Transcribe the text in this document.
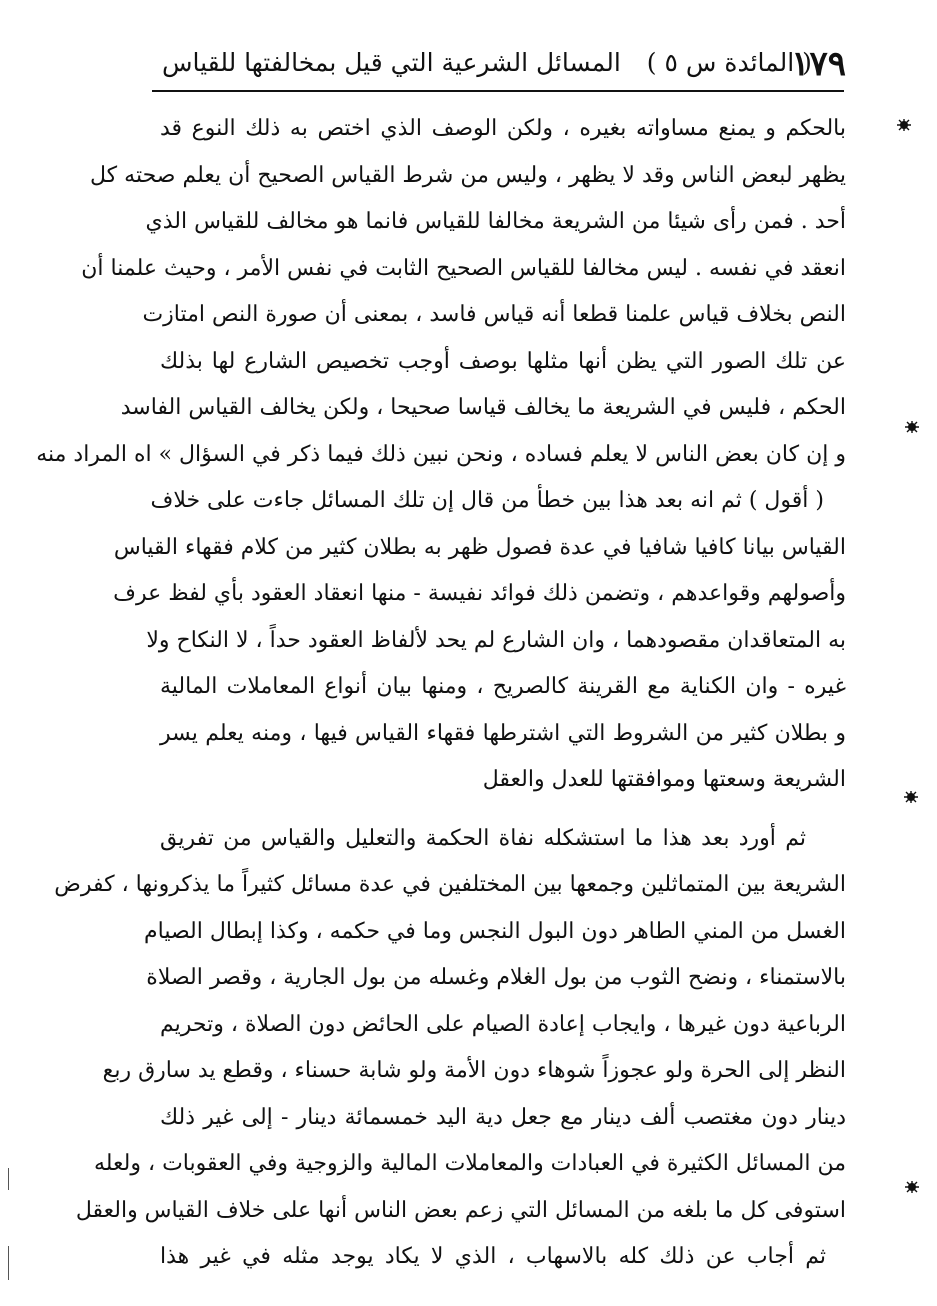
١٧٩
( المائدة س ٥ )المسائل الشرعية التي قيل بمخالفتها للقياس
بالحكم و يمنع مساواته بغيره ، ولكن الوصف الذي اختص به ذلك النوع قد
يظهر لبعض الناس وقد لا يظهر ، وليس من شرط القياس الصحيح أن يعلم صحته كل
أحد . فمن رأى شيئا من الشريعة مخالفا للقياس فانما هو مخالف للقياس الذي
انعقد في نفسه . ليس مخالفا للقياس الصحيح الثابت في نفس الأمر ، وحيث علمنا أن
النص بخلاف قياس علمنا قطعا أنه قياس فاسد ، بمعنى أن صورة النص امتازت
عن تلك الصور التي يظن أنها مثلها بوصف أوجب تخصيص الشارع لها بذلك
الحكم ، فليس في الشريعة ما يخالف قياسا صحيحا ، ولكن يخالف القياس الفاسد
و إن كان بعض الناس لا يعلم فساده ، ونحن نبين ذلك فيما ذكر في السؤال » اه المراد منه
( أقول ) ثم انه بعد هذا بين خطأ من قال إن تلك المسائل جاءت على خلاف
القياس بيانا كافيا شافيا في عدة فصول ظهر به بطلان كثير من كلام فقهاء القياس
وأصولهم وقواعدهم ، وتضمن ذلك فوائد نفيسة - منها انعقاد العقود بأي لفظ عرف
به المتعاقدان مقصودهما ، وان الشارع لم يحد لألفاظ العقود حداً ، لا النكاح ولا
غيره - وان الكناية مع القرينة كالصريح ، ومنها بيان أنواع المعاملات المالية
و بطلان كثير من الشروط التي اشترطها فقهاء القياس فيها ، ومنه يعلم يسر
الشريعة وسعتها وموافقتها للعدل والعقل
ثم أورد بعد هذا ما استشكله نفاة الحكمة والتعليل والقياس من تفريق
الشريعة بين المتماثلين وجمعها بين المختلفين في عدة مسائل كثيراً ما يذكرونها ، كفرض
الغسل من المني الطاهر دون البول النجس وما في حكمه ، وكذا إبطال الصيام
بالاستمناء ، ونضح الثوب من بول الغلام وغسله من بول الجارية ، وقصر الصلاة
الرباعية دون غيرها ، وايجاب إعادة الصيام على الحائض دون الصلاة ، وتحريم
النظر إلى الحرة ولو عجوزاً شوهاء دون الأمة ولو شابة حسناء ، وقطع يد سارق ربع
دينار دون مغتصب ألف دينار مع جعل دية اليد خمسمائة دينار - إلى غير ذلك
من المسائل الكثيرة في العبادات والمعاملات المالية والزوجية وفي العقوبات ، ولعله
استوفى كل ما بلغه من المسائل التي زعم بعض الناس أنها على خلاف القياس والعقل
ثم أجاب عن ذلك كله بالاسهاب ، الذي لا يكاد يوجد مثله في غير هذا
